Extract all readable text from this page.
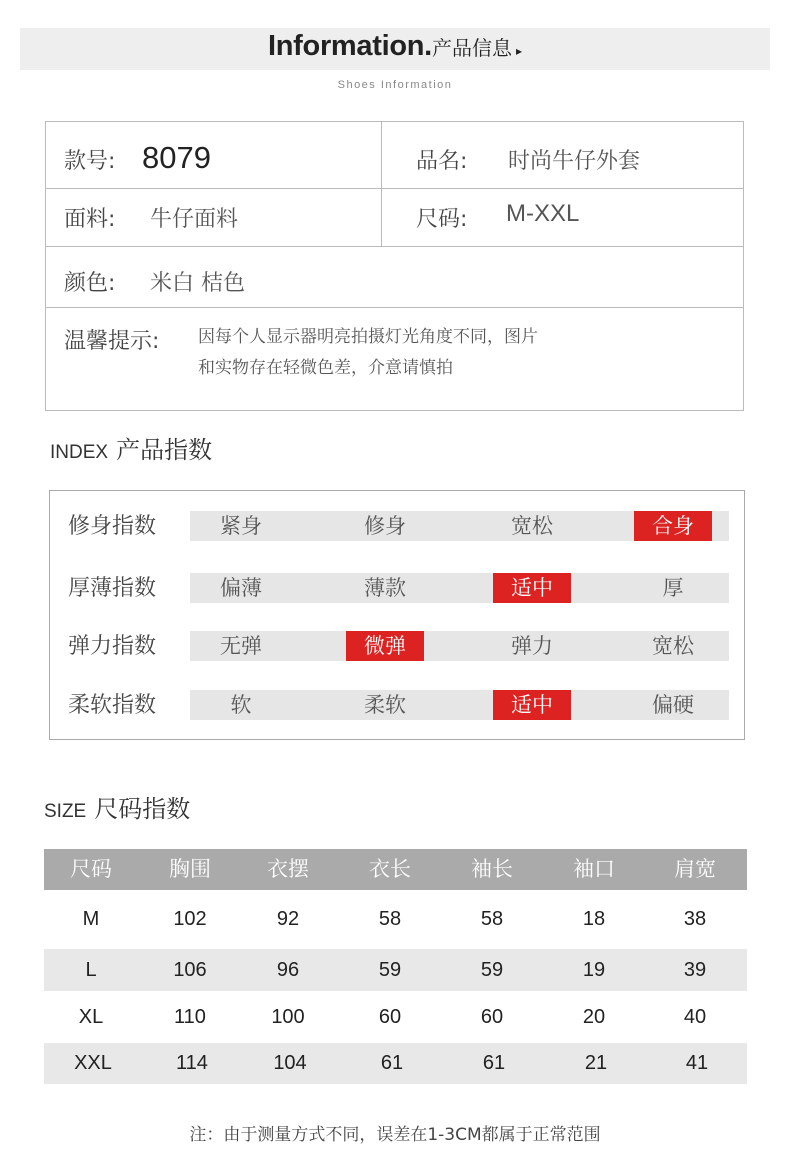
Information.产品信息 ▸
Shoes Information
款号: 8079	品名: 时尚牛仔外套
面料: 牛仔面料	尺码: M-XXL
颜色: 米白 桔色
温馨提示: 因每个人显示器明亮拍摄灯光角度不同，图片
和实物存在轻微色差，介意请慎拍
INDEX 产品指数
修身指数	紧身	修身	宽松	合身
厚薄指数	偏薄	薄款	适中	厚
弹力指数	无弹	微弹	弹力	宽松
柔软指数	软	柔软	适中	偏硬
SIZE 尺码指数
尺码	胸围	衣摆	衣长	袖长	袖口	肩宽
M	102	92	58	58	18	38
L	106	96	59	59	19	39
XL	110	100	60	60	20	40
XXL	114	104	61	61	21	41
注：由于测量方式不同，误差在1-3CM都属于正常范围
